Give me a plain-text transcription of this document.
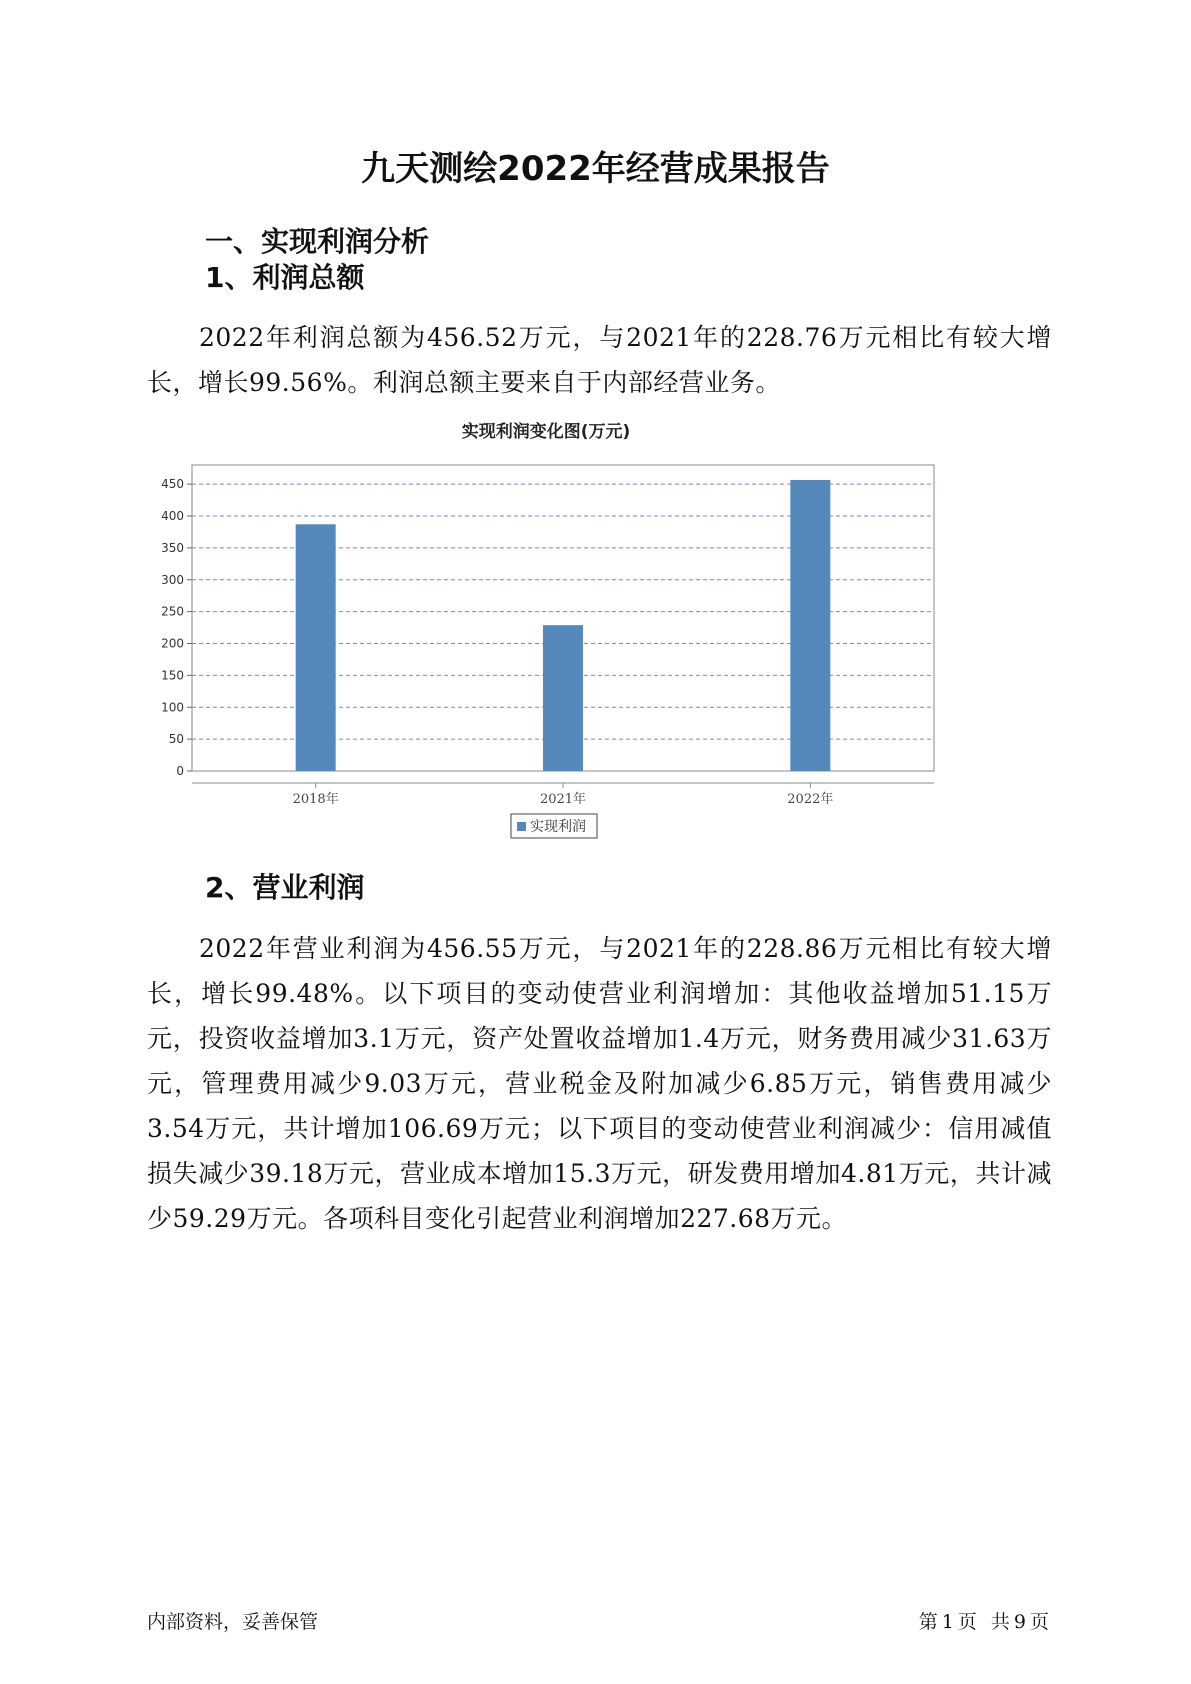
九天测绘2022年经营成果报告
一、实现利润分析
1、利润总额
2022年利润总额为456.52万元，与2021年的228.76万元相比有较大增长，增长99.56%。利润总额主要来自于内部经营业务。
实现利润变化图(万元)
0
50
100
150
200
250
300
350
400
450
2018年	2021年	2022年
实现利润
2、营业利润
2022年营业利润为456.55万元，与2021年的228.86万元相比有较大增长，增长99.48%。以下项目的变动使营业利润增加：其他收益增加51.15万元，投资收益增加3.1万元，资产处置收益增加1.4万元，财务费用减少31.63万元，管理费用减少9.03万元，营业税金及附加减少6.85万元，销售费用减少3.54万元，共计增加106.69万元；以下项目的变动使营业利润减少：信用减值损失减少39.18万元，营业成本增加15.3万元，研发费用增加4.81万元，共计减少59.29万元。各项科目变化引起营业利润增加227.68万元。
内部资料，妥善保管	第 1 页 共 9 页
